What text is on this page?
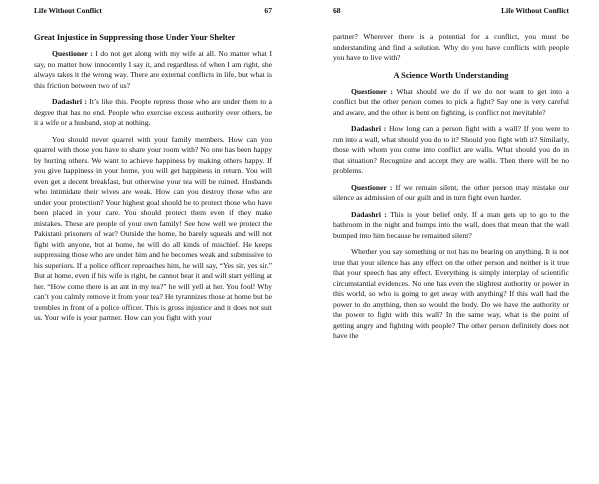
Life Without Conflict	67
Great Injustice in Suppressing those Under Your Shelter

Questioner : I do not get along with my wife at all. No matter what I say, no matter how innocently I say it, and regardless of when I am right, she always takes it the wrong way. There are external conflicts in life, but what is this friction between two of us?

Dadashri : It’s like this. People repress those who are under them to a degree that has no end. People who exercise excess authority over others, be it a wife or a husband, stop at nothing.

You should never quarrel with your family members. How can you quarrel with those you have to share your room with? No one has been happy by hurting others. We want to achieve happiness by making others happy. If you give happiness in your home, you will get happiness in return. You will even get a decent breakfast, but otherwise your tea will be ruined. Husbands who intimidate their wives are weak. How can you destroy those who are under your protection? Your highest goal should be to protect those who have been placed in your care. You should protect them even if they make mistakes. These are people of your own family! See how well we protect the Pakistani prisoners of war? Outside the home, he barely squeals and will not fight with anyone, but at home, he will do all kinds of mischief. He keeps suppressing those who are under him and he becomes weak and submissive to his superiors. If a police officer reproaches him, he will say, “Yes sir, yes sir.” But at home, even if his wife is right, he cannot bear it and will start yelling at her. “How come there is an ant in my tea?” he will yell at her. You fool! Why can’t you calmly remove it from your tea? He tyrannizes those at home but he trembles in front of a police officer. This is gross injustice and it does not suit us. Your wife is your partner. How can you fight with your

68	Life Without Conflict

partner? Wherever there is a potential for a conflict, you must be understanding and find a solution. Why do you have conflicts with people you have to live with?

A Science Worth Understanding

Questioner : What should we do if we do not want to get into a conflict but the other person comes to pick a fight? Say one is very careful and aware, and the other is bent on fighting, is conflict not inevitable?

Dadashri : How long can a person fight with a wall? If you were to run into a wall, what should you do to it? Should you fight with it? Similarly, those with whom you come into conflict are walls. What should you do in that situation? Recognize and accept they are walls. Then there will be no problems.

Questioner : If we remain silent, the other person may mistake our silence as admission of our guilt and in turn fight even harder.

Dadashri : This is your belief only. If a man gets up to go to the bathroom in the night and bumps into the wall, does that mean that the wall bumped into him because he remained silent?

Whether you say something or not has no bearing on anything. It is not true that your silence has any effect on the other person and neither is it true that your speech has any effect. Everything is simply interplay of scientific circumstantial evidences. No one has even the slightest authority or power in this world, so who is going to get away with anything? If this wall had the power to do anything, then so would the body. Do we have the authority or the power to fight with this wall? In the same way, what is the point of getting angry and fighting with people? The other person definitely does not have the
